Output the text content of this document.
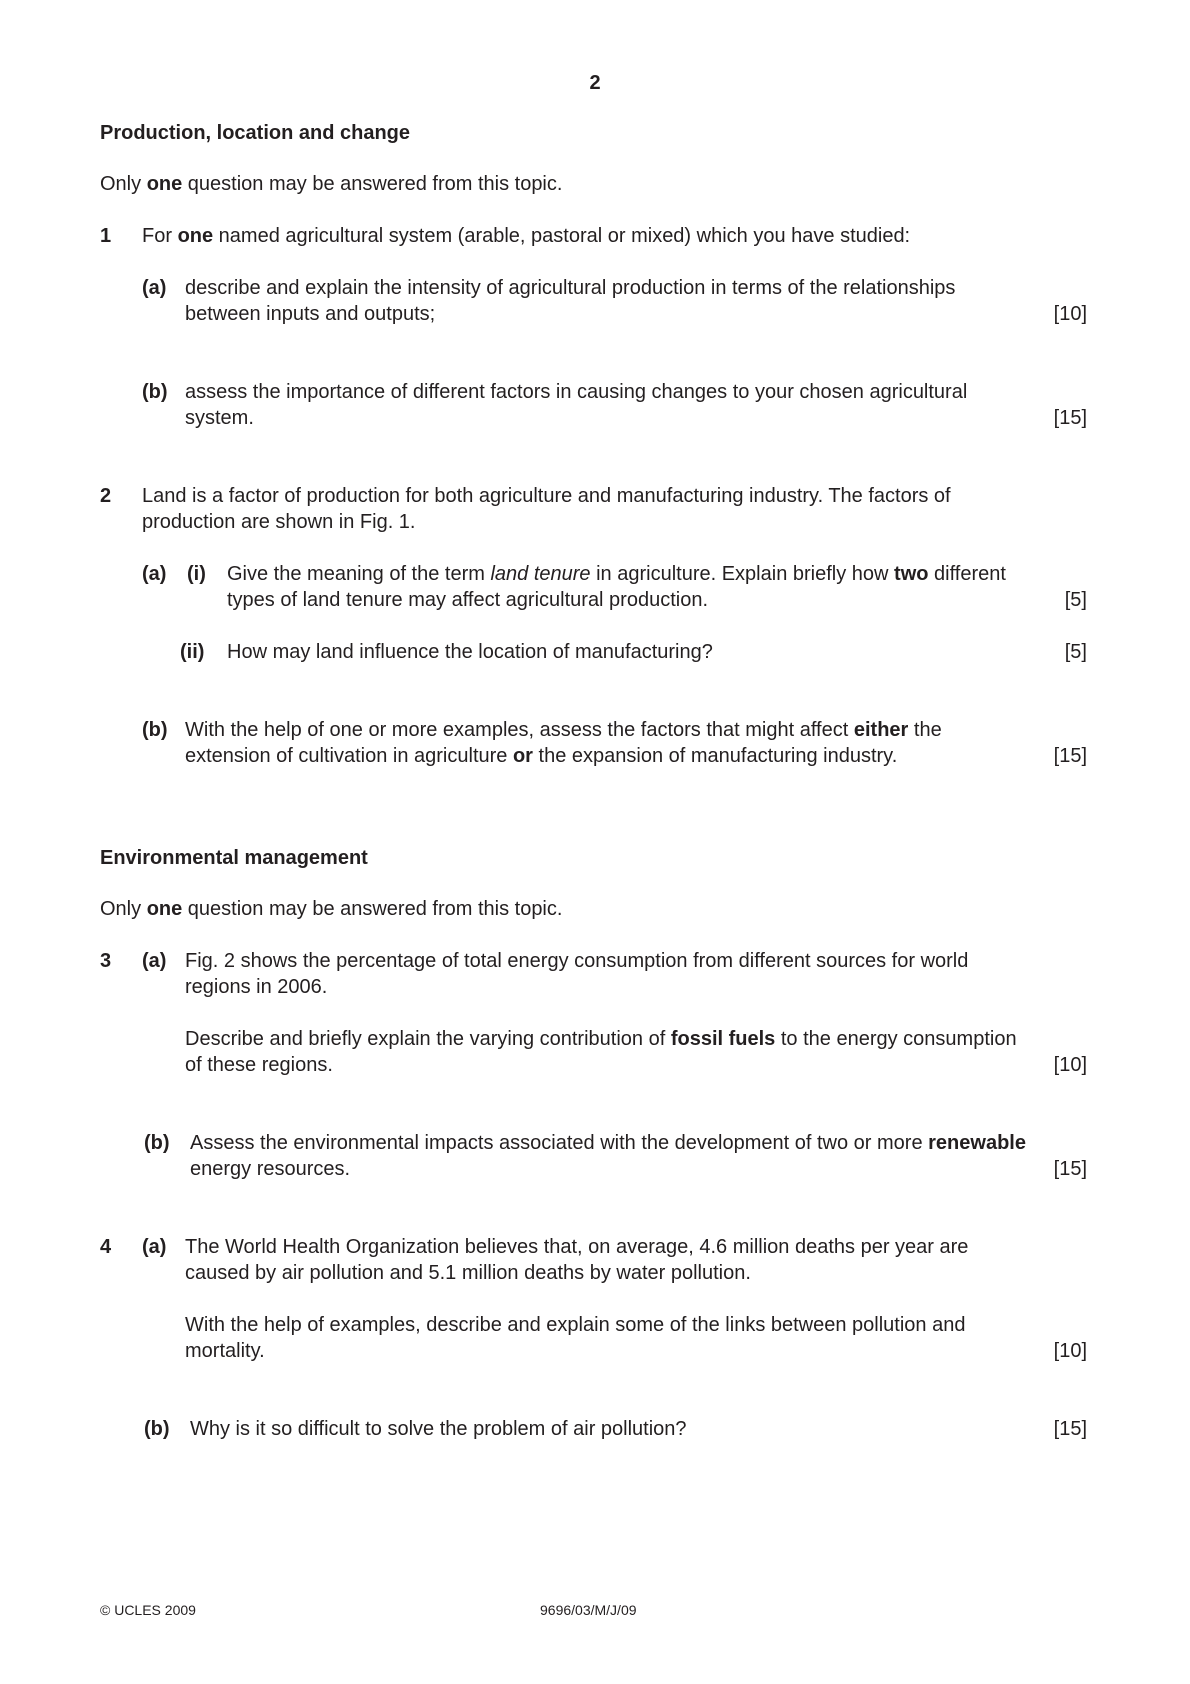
2
Production, location and change
Only one question may be answered from this topic.
1 For one named agricultural system (arable, pastoral or mixed) which you have studied:
(a) describe and explain the intensity of agricultural production in terms of the relationships
between inputs and outputs;	[10]
(b) assess the importance of different factors in causing changes to your chosen agricultural
system.	[15]
2 Land is a factor of production for both agriculture and manufacturing industry. The factors of
production are shown in Fig. 1.
(a) (i) Give the meaning of the term land tenure in agriculture. Explain briefly how two different
types of land tenure may affect agricultural production.	[5]
(ii) How may land influence the location of manufacturing?	[5]
(b) With the help of one or more examples, assess the factors that might affect either the
extension of cultivation in agriculture or the expansion of manufacturing industry.	[15]
Environmental management
Only one question may be answered from this topic.
3 (a) Fig. 2 shows the percentage of total energy consumption from different sources for world
regions in 2006.
Describe and briefly explain the varying contribution of fossil fuels to the energy consumption
of these regions.	[10]
(b) Assess the environmental impacts associated with the development of two or more renewable
energy resources.	[15]
4 (a) The World Health Organization believes that, on average, 4.6 million deaths per year are
caused by air pollution and 5.1 million deaths by water pollution.
With the help of examples, describe and explain some of the links between pollution and
mortality.	[10]
(b) Why is it so difficult to solve the problem of air pollution?	[15]
© UCLES 2009	9696/03/M/J/09
